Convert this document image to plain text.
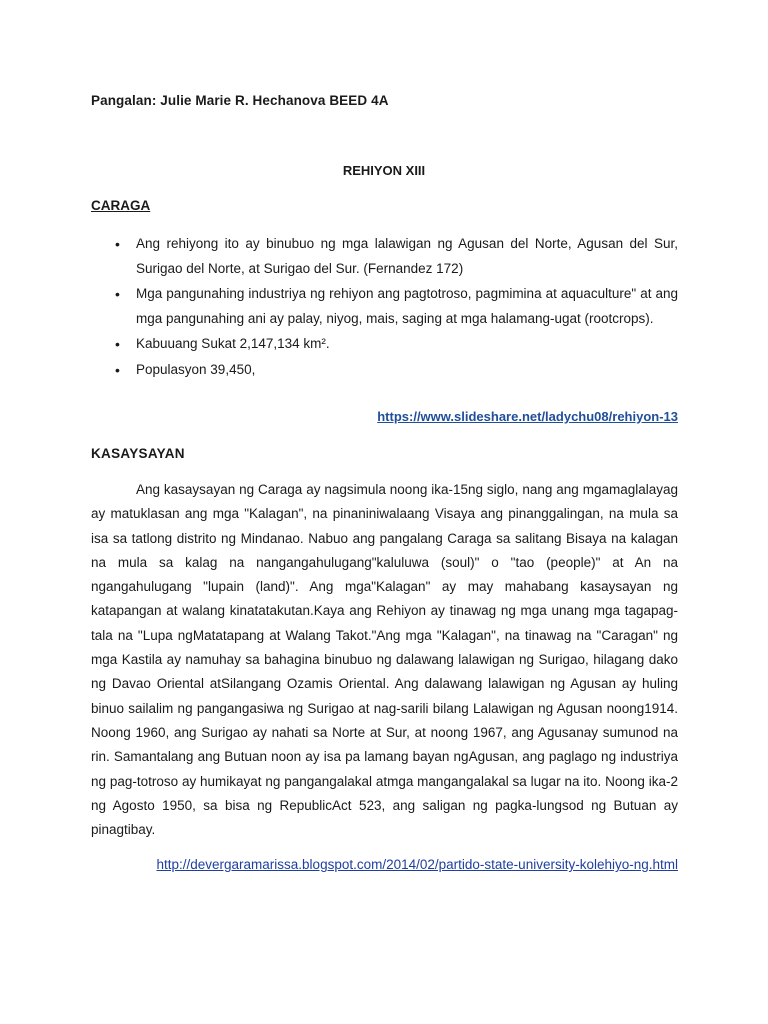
Pangalan: Julie Marie R. Hechanova BEED 4A
REHIYON XIII
CARAGA
• Ang rehiyong ito ay binubuo ng mga lalawigan ng Agusan del Norte, Agusan del Sur, Surigao del Norte, at Surigao del Sur. (Fernandez 172)
• Mga pangunahing industriya ng rehiyon ang pagtotroso, pagmimina at aquaculture" at ang mga pangunahing ani ay palay, niyog, mais, saging at mga halamang-ugat (rootcrops).
• Kabuuang Sukat 2,147,134 km².
• Populasyon 39,450,
https://www.slideshare.net/ladychu08/rehiyon-13
KASAYSAYAN

Ang kasaysayan ng Caraga ay nagsimula noong ika-15ng siglo, nang ang mgamaglalayag ay matuklasan ang mga "Kalagan", na pinaniniwalaang Visaya ang pinanggalingan, na mula sa isa sa tatlong distrito ng Mindanao. Nabuo ang pangalang Caraga sa salitang Bisaya na kalagan na mula sa kalag na nangangahulugang"kaluluwa (soul)" o "tao (people)" at An na ngangahulugang "lupain (land)". Ang mga"Kalagan" ay may mahabang kasaysayan ng katapangan at walang kinatatakutan.Kaya ang Rehiyon ay tinawag ng mga unang mga tagapag-tala na "Lupa ngMatatapang at Walang Takot."Ang mga "Kalagan", na tinawag na "Caragan" ng mga Kastila ay namuhay sa bahagina binubuo ng dalawang lalawigan ng Surigao, hilagang dako ng Davao Oriental atSilangang Ozamis Oriental. Ang dalawang lalawigan ng Agusan ay huling binuo sailalim ng pangangasiwa ng Surigao at nag-sarili bilang Lalawigan ng Agusan noong1914. Noong 1960, ang Surigao ay nahati sa Norte at Sur, at noong 1967, ang Agusanay sumunod na rin. Samantalang ang Butuan noon ay isa pa lamang bayan ngAgusan, ang paglago ng industriya ng pag-totroso ay humikayat ng pangangalakal atmga mangangalakal sa lugar na ito. Noong ika-2 ng Agosto 1950, sa bisa ng RepublicAct 523, ang saligan ng pagka-lungsod ng Butuan ay pinagtibay.

http://devergaramarissa.blogspot.com/2014/02/partido-state-university-kolehiyo-ng.html
